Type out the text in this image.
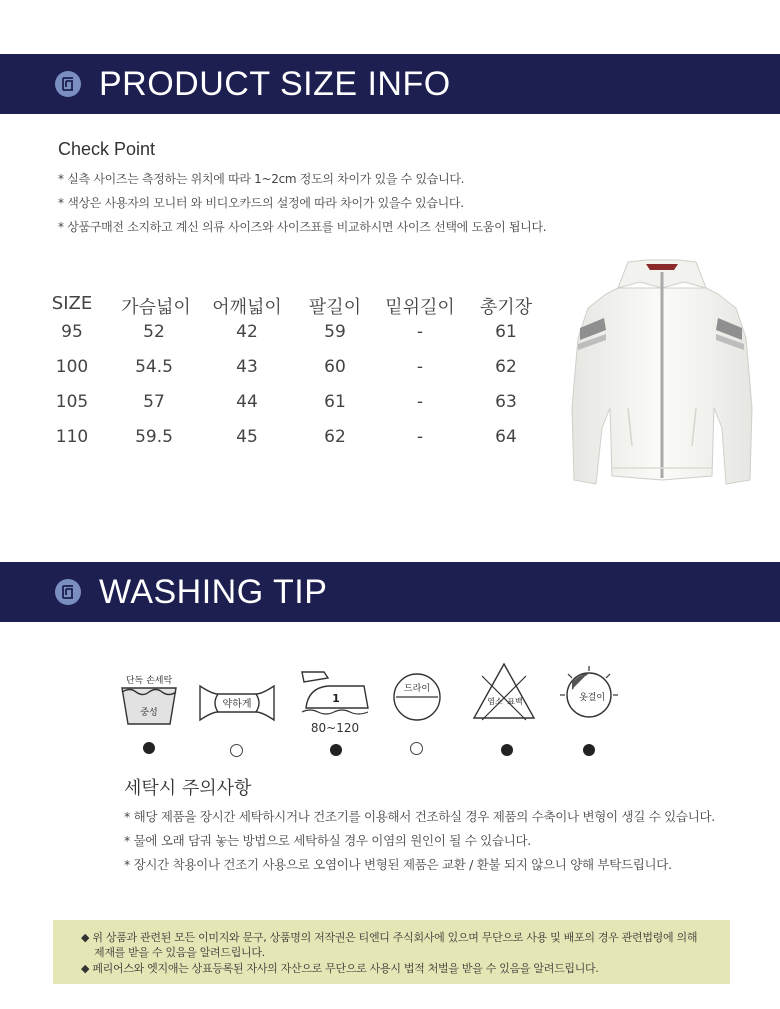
PRODUCT SIZE INFO
Check Point
* 실측 사이즈는 측정하는 위치에 따라 1~2cm 정도의 차이가 있을 수 있습니다.
* 색상은 사용자의 모니터 와 비디오카드의 설정에 따라 차이가 있을수 있습니다.
* 상품구매전 소지하고 계신 의류 사이즈와 사이즈표를 비교하시면 사이즈 선택에 도움이 됩니다.
SIZE 가슴넓이 어깨넓이 팔길이 밑위길이 총기장
95	52	42	59	-	61
100	54.5	43	60	-	62
105	57	44	61	-	63
110	59.5	45	62	-	64
WASHING TIP
단독 손세탁
중성
약하게	1
80~120
드라이
염소 표백	옷걸이
세탁시 주의사항
* 해당 제품을 장시간 세탁하시거나 건조기를 이용해서 건조하실 경우 제품의 수축이나 변형이 생길 수 있습니다.
* 물에 오래 담궈 놓는 방법으로 세탁하실 경우 이염의 원인이 될 수 있습니다.
* 장시간 착용이나 건조기 사용으로 오염이나 변형된 제품은 교환 / 환불 되지 않으니 양해 부탁드립니다.
◆ 위 상품과 관련된 모든 이미지와 문구, 상품명의 저작권은 티엔디 주식회사에 있으며 무단으로 사용 및 배포의 경우 관련법령에 의해
제재를 받을 수 있음을 알려드립니다.
◆ 페리어스와 엣지애는 상표등록된 자사의 자산으로 무단으로 사용시 법적 처벌을 받을 수 있음을 알려드립니다.
